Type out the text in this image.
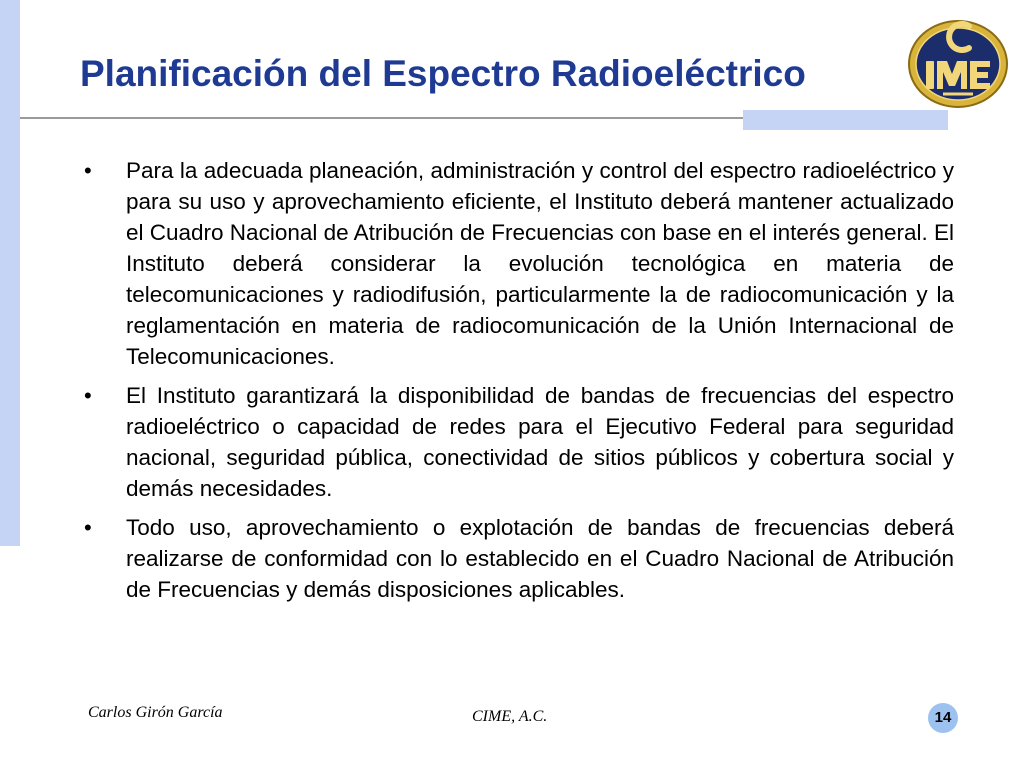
Planificación del Espectro Radioeléctrico
• Para la adecuada planeación, administración y control del espectro radioeléctrico y para su uso y aprovechamiento eficiente, el Instituto deberá mantener actualizado el Cuadro Nacional de Atribución de Frecuencias con base en el interés general. El Instituto deberá considerar la evolución tecnológica en materia de telecomunicaciones y radiodifusión, particularmente la de radiocomunicación y la reglamentación en materia de radiocomunicación de la Unión Internacional de Telecomunicaciones.

• El Instituto garantizará la disponibilidad de bandas de frecuencias del espectro radioeléctrico o capacidad de redes para el Ejecutivo Federal para seguridad nacional, seguridad pública, conectividad de sitios públicos y cobertura social y demás necesidades.

• Todo uso, aprovechamiento o explotación de bandas de frecuencias deberá realizarse de conformidad con lo establecido en el Cuadro Nacional de Atribución de Frecuencias y demás disposiciones aplicables.

Carlos Girón García	CIME, A.C.	14
